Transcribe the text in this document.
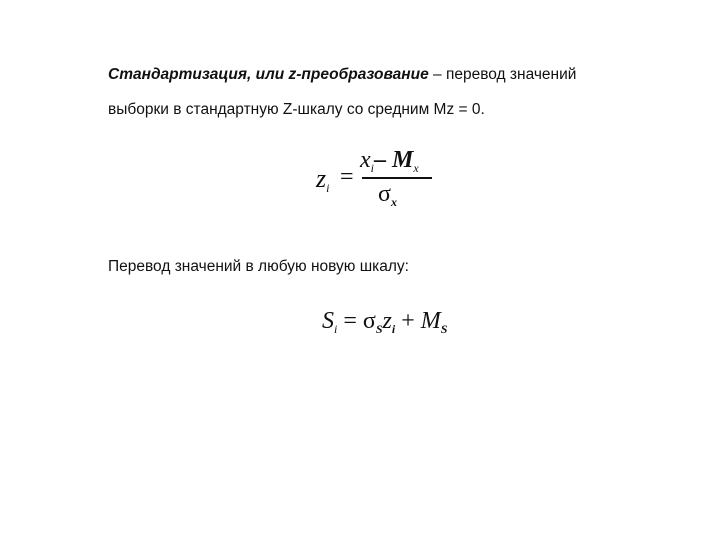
Стандартизация, или z-преобразование – перевод значений
выборки в стандартную Z-шкалу со средним Mz = 0.
zi =
$x_i-$ $M_x$
$\sigma_x$
Перевод значений в любую новую шкалу:
$S_i = \sigma_Sz_i + M_S$
